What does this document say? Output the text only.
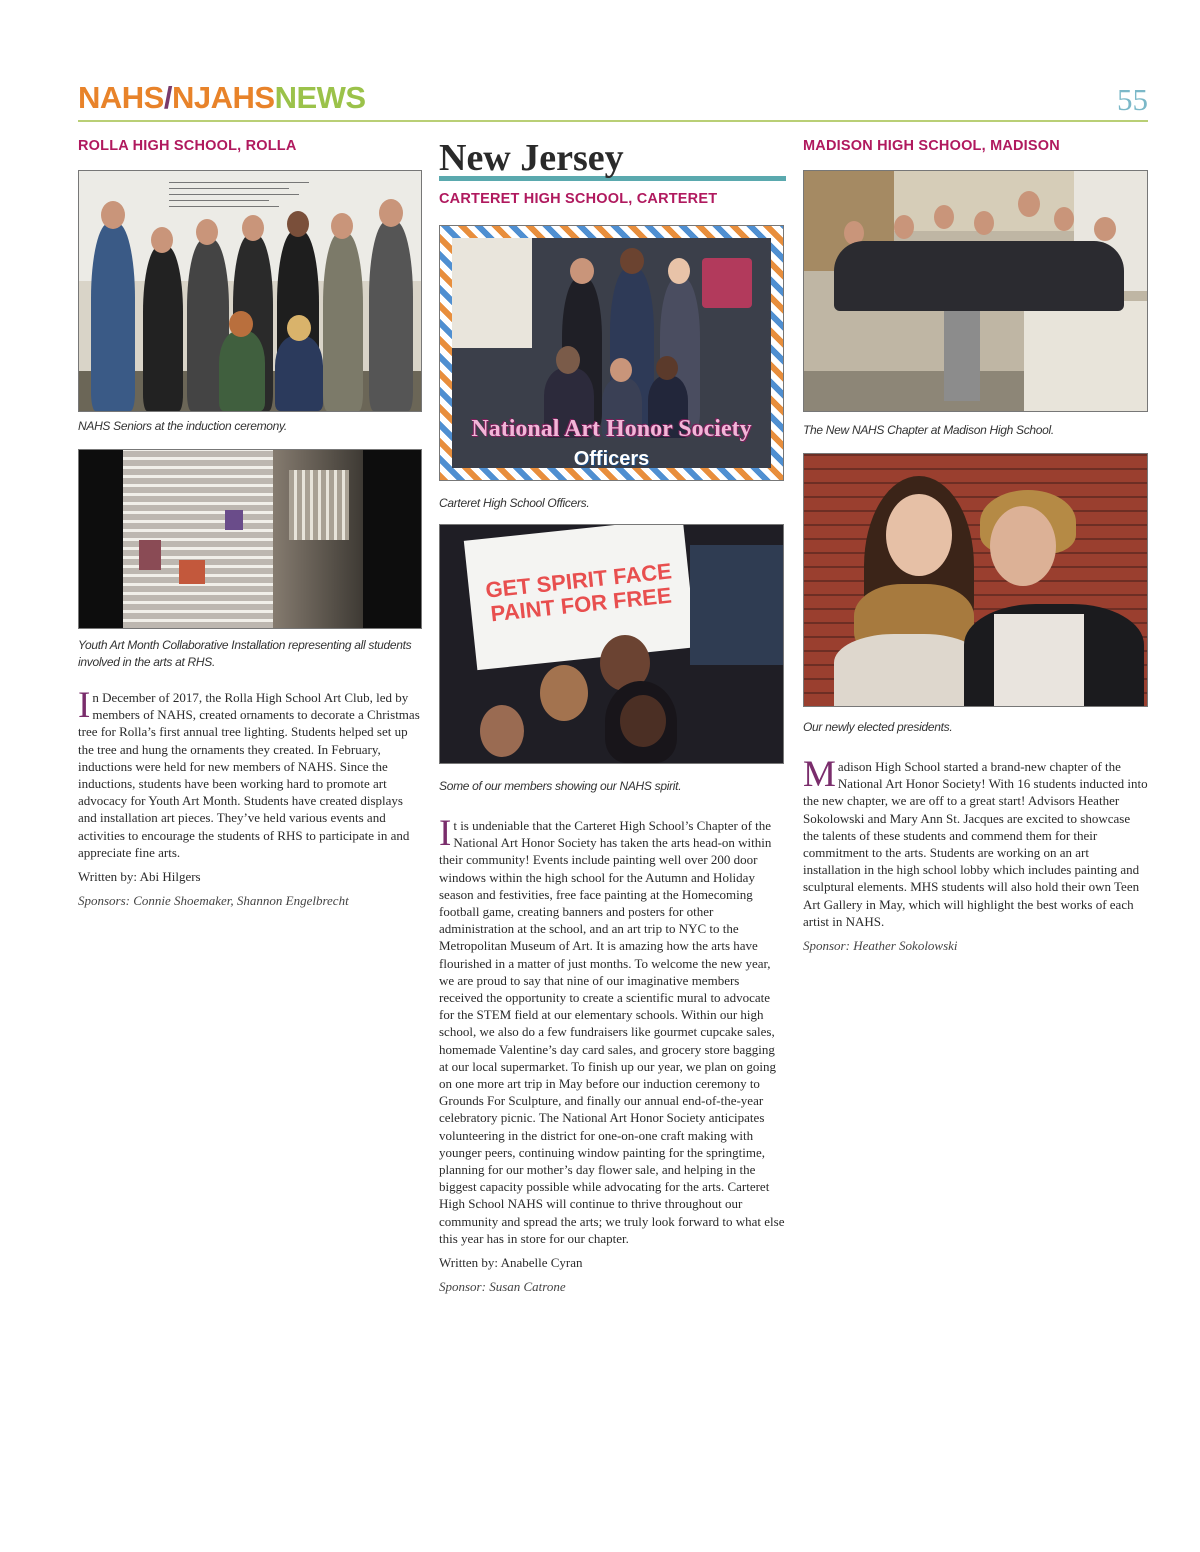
NAHS/NJAHSNEWS	55
ROLLA HIGH SCHOOL, ROLLA

NAHS Seniors at the induction ceremony.

Youth Art Month Collaborative Installation representing all students involved in the arts at RHS.

In December of 2017, the Rolla High School Art Club, led by members of NAHS, created ornaments to decorate a Christmas tree for Rolla’s first annual tree lighting. Students helped set up the tree and hung the ornaments they created. In February, inductions were held for new members of NAHS. Since the inductions, students have been working hard to promote art advocacy for Youth Art Month. Students have created displays and installation art pieces. They’ve held various events and activities to encourage the students of RHS to participate in and appreciate fine arts.

Written by: Abi Hilgers

Sponsors: Connie Shoemaker, Shannon Engelbrecht

New Jersey
CARTERET HIGH SCHOOL, CARTERET
National Art Honor Society
Officers

Carteret High School Officers.

GET SPIRIT FACE PAINT FOR FREE

Some of our members showing our NAHS spirit.

It is undeniable that the Carteret High School’s Chapter of the National Art Honor Society has taken the arts head-on within their community! Events include painting well over 200 door windows within the high school for the Autumn and Holiday season and festivities, free face painting at the Homecoming football game, creating banners and posters for other administration at the school, and an art trip to NYC to the Metropolitan Museum of Art. It is amazing how the arts have flourished in a matter of just months. To welcome the new year, we are proud to say that nine of our imaginative members received the opportunity to create a scientific mural to advocate for the STEM field at our elementary schools. Within our high school, we also do a few fundraisers like gourmet cupcake sales, homemade Valentine’s day card sales, and grocery store bagging at our local supermarket. To finish up our year, we plan on going on one more art trip in May before our induction ceremony to Grounds For Sculpture, and finally our annual end-of-the-year celebratory picnic. The National Art Honor Society anticipates volunteering in the district for one-on-one craft making with younger peers, continuing window painting for the springtime, planning for our mother’s day flower sale, and helping in the biggest capacity possible while advocating for the arts. Carteret High School NAHS will continue to thrive throughout our community and spread the arts; we truly look forward to what else this year has in store for our chapter.

Written by: Anabelle Cyran

Sponsor: Susan Catrone

MADISON HIGH SCHOOL, MADISON

The New NAHS Chapter at Madison High School.

Our newly elected presidents.

Madison High School started a brand-new chapter of the National Art Honor Society! With 16 students inducted into the new chapter, we are off to a great start! Advisors Heather Sokolowski and Mary Ann St. Jacques are excited to showcase the talents of these students and commend them for their commitment to the arts. Students are working on an art installation in the high school lobby which includes painting and sculptural elements. MHS students will also hold their own Teen Art Gallery in May, which will highlight the best works of each artist in NAHS.

Sponsor: Heather Sokolowski
